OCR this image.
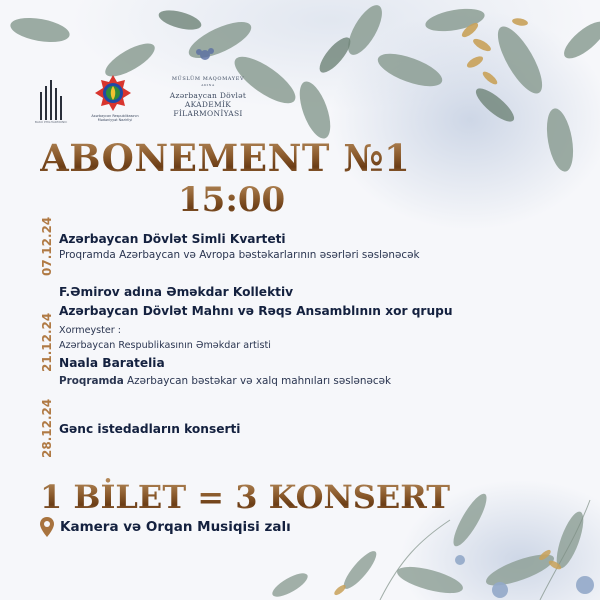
BAKU PHILHARMONIC
Azərbaycan Respublikasının
Mədəniyyət Nazirliyi
MÜSLÜM MAQOMAYEV
ADINA
Azərbaycan Dövlət
AKADEMİK
FİLARMONİYASI
ABONEMENT №1
15:00
07.12.24 Azərbaycan Dövlət Simli Kvarteti
Proqramda Azərbaycan və Avropa bəstəkarlarının əsərləri səslənəcək
21.12.24
F.Əmirov adına Əməkdar Kollektiv
Azərbaycan Dövlət Mahnı və Rəqs Ansamblının xor qrupu
Xormeyster :
Azərbaycan Respublikasının Əməkdar artisti
Naala Baratelia
Proqramda Azərbaycan bəstəkar və xalq mahnıları səslənəcək
28.12.24 Gənc istedadların konserti
1 BİLET = 3 KONSERT
Kamera və Orqan Musiqisi zalı
